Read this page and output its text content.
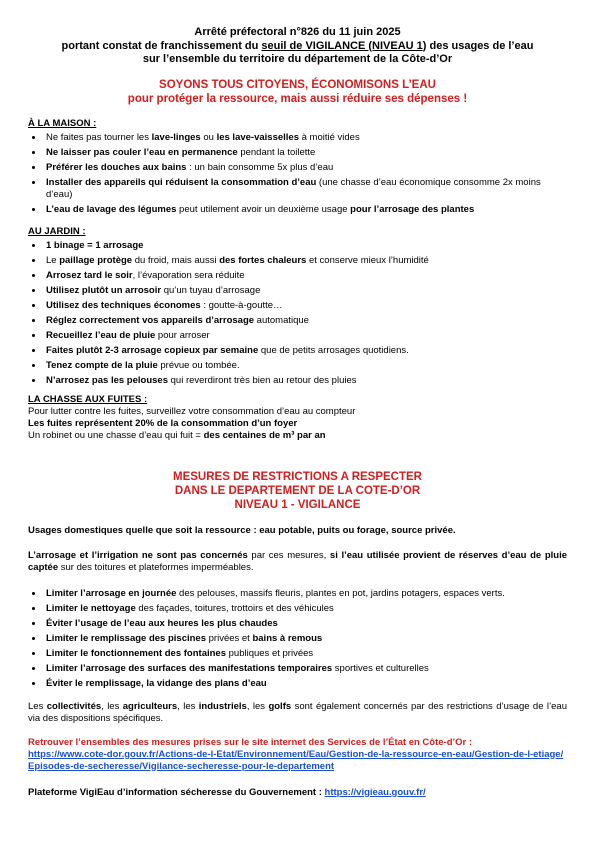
Arrêté préfectoral n°826 du 11 juin 2025
portant constat de franchissement du seuil de VIGILANCE (NIVEAU 1) des usages de l’eau
sur l’ensemble du territoire du département de la Côte-d’Or
SOYONS TOUS CITOYENS, ÉCONOMISONS L’EAU
pour protéger la ressource, mais aussi réduire ses dépenses !

À LA MAISON :

• Ne faites pas tourner les lave-linges ou les lave-vaisselles à moitié vides
• Ne laisser pas couler l’eau en permanence pendant la toilette
• Préférer les douches aux bains : un bain consomme 5x plus d’eau
• Installer des appareils qui réduisent la consommation d’eau (une chasse d’eau économique consomme 2x moins d’eau)
• L’eau de lavage des légumes peut utilement avoir un deuxième usage pour l’arrosage des plantes

AU JARDIN :

• 1 binage = 1 arrosage
• Le paillage protège du froid, mais aussi des fortes chaleurs et conserve mieux l’humidité
• Arrosez tard le soir, l’évaporation sera réduite
• Utilisez plutôt un arrosoir qu’un tuyau d’arrosage
• Utilisez des techniques économes : goutte-à-goutte…
• Réglez correctement vos appareils d’arrosage automatique
• Recueillez l’eau de pluie pour arroser
• Faites plutôt 2-3 arrosage copieux par semaine que de petits arrosages quotidiens.
• Tenez compte de la pluie prévue ou tombée.
• N’arrosez pas les pelouses qui reverdiront très bien au retour des pluies

LA CHASSE AUX FUITES :

Pour lutter contre les fuites, surveillez votre consommation d’eau au compteur
Les fuites représentent 20% de la consommation d’un foyer
Un robinet ou une chasse d’eau qui fuit = des centaines de m³ par an
MESURES DE RESTRICTIONS A RESPECTER
DANS LE DEPARTEMENT DE LA COTE-D’OR
NIVEAU 1 - VIGILANCE
Usages domestiques quelle que soit la ressource : eau potable, puits ou forage, source privée.
L’arrosage et l’irrigation ne sont pas concernés par ces mesures, si l’eau utilisée provient de réserves d’eau de pluie captée sur des toitures et plateformes imperméables.
• Limiter l’arrosage en journée des pelouses, massifs fleuris, plantes en pot, jardins potagers, espaces verts.
• Limiter le nettoyage des façades, toitures, trottoirs et des véhicules
• Éviter l’usage de l’eau aux heures les plus chaudes
• Limiter le remplissage des piscines privées et bains à remous
• Limiter le fonctionnement des fontaines publiques et privées
• Limiter l’arrosage des surfaces des manifestations temporaires sportives et culturelles
• Éviter le remplissage, la vidange des plans d’eau
Les collectivités, les agriculteurs, les industriels, les golfs sont également concernés par des restrictions d’usage de l’eau via des dispositions spécifiques.
Retrouver l’ensembles des mesures prises sur le site internet des Services de l’État en Côte-d’Or :
https://www.cote-dor.gouv.fr/Actions-de-l-Etat/Environnement/Eau/Gestion-de-la-ressource-en-eau/Gestion-de-l-etiage/Episodes-de-secheresse/Vigilance-secheresse-pour-le-departement
Plateforme VigiEau d’information sécheresse du Gouvernement : https://vigieau.gouv.fr/
